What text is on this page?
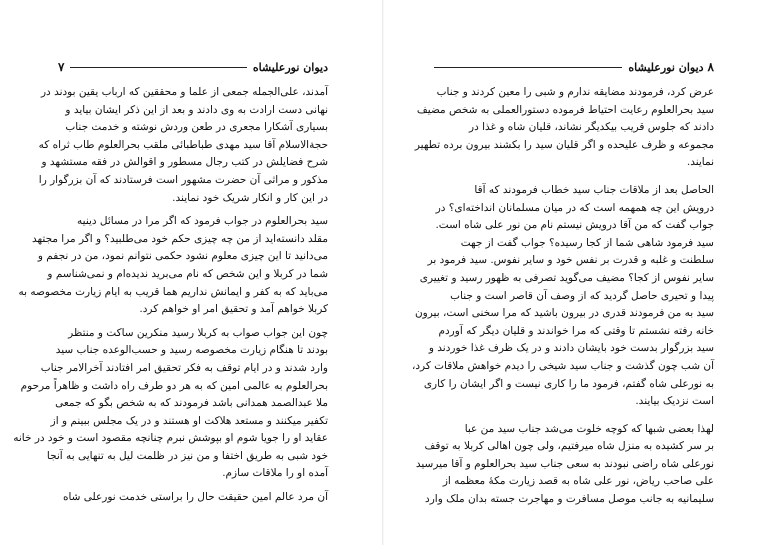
دیوان نورعلیشاه
۷
آمدند، علی‌الجمله جمعی از علما و محققین که ارباب یقین بودند در
نهانی دست ارادت به وی دادند و بعد از این ذکر ایشان بیاید و
بسیاری آشکارا مجعری در طعن وردش نوشته و خدمت جناب
حجةالاسلام آقا سید مهدی طباطبائی ملقب بحرالعلوم طاب ثراه که
شرح فضایلش در کتب رجال مسطور و اقوالش در فقه مستشهد و
مذکور و مراثی آن حضرت مشهور است فرستادند که آن بزرگوار را
در این کار و انکار شریک خود نمایند.
سید بحرالعلوم در جواب فرمود که اگر مرا در مسائل دینیه
مقلد دانسته‌اید از من چه چیزی حکم خود می‌طلبید؟ و اگر مرا مجتهد
می‌دانید تا این چیزی معلوم نشود حکمی نتوانم نمود، من در نجفم و
شما در کربلا و این شخص که نام می‌برید ندیده‌ام و نمی‌شناسم و
می‌باید که به کفر و ایمانش نداریم هما قریب به ایام زیارت مخصوصه به
کربلا خواهم آمد و تحقیق امر او خواهم کرد.
چون این جواب صواب به کربلا رسید منکرین ساکت و منتظر
بودند تا هنگام زیارت مخصوصه رسید و حسب‌الوعده جناب سید
وارد شدند و در ایام توقف به فکر تحقیق امر افتادند آخرالامر جناب
بحرالعلوم به عالمی امین که به هر دو طرف راه داشت و ظاهراً مرحوم
ملا عبدالصمد همدانی باشد فرمودند که به شخص بگو که جمعی
تکفیر میکنند و مستعد هلاکت او هستند و در یک مجلس ببینم و از
عقاید او را جویا شوم او بپوشش نبرم چنانچه مقصود است و خود در خانه
خود شبی به طریق اختفا و من نیز در ظلمت لیل به تنهایی به آنجا
آمده او را ملاقات سازم.
آن مرد عالم امین حقیقت حال را براستی خدمت نورعلی شاه
۸
دیوان نورعلیشاه
عرض کرد، فرمودند مضایقه ندارم و شبی را معین کردند و جناب
سید بحرالعلوم رعایت احتیاط فرموده دستورالعملی به شخص مضیف
دادند که جلوس قریب بیکدیگر نشاند، قلیان شاه و غذا در
مجموعه و ظرف علیحده و اگر قلیان سید را بکشند بیرون برده تطهیر
نمایند.
الحاصل بعد از ملاقات جناب سید خطاب فرمودند که آقا
درویش این چه همهمه است که در میان مسلمانان انداخته‌ای؟ در
جواب گفت که من آقا درویش نیستم نام من نور علی شاه است.
سید فرمود شاهی شما از کجا رسیده؟ جواب گفت از جهت
سلطنت و غلبه و قدرت بر نفس خود و سایر نفوس. سید فرمود بر
سایر نفوس از کجا؟ مضیف می‌گوید تصرفی به ظهور رسید و تغییری
پیدا و تحیری حاصل گردید که از وصف آن قاصر است و جناب
سید به من فرمودند قدری در بیرون باشید که مرا سخنی است، بیرون
خانه رفته نشستم تا وقتی که مرا خواندند و قلیان دیگر که آوردم
سید بزرگوار بدست خود بایشان دادند و در یک ظرف غذا خوردند و
آن شب چون گذشت و جناب سید شیخی را دیدم خواهش ملاقات کرد،
به نورعلی شاه گفتم، فرمود ما را کاری نیست و اگر ایشان را کاری
است نزدیک بیایند.
لهذا بعضی شبها که کوچه خلوت می‌شد جناب سید من عبا
بر سر کشیده به منزل شاه میرفتیم، ولی چون اهالی کربلا به توقف
نورعلی شاه راضی نبودند به سعی جناب سید بحرالعلوم و آقا میرسید
علی صاحب ریاض، نور علی شاه به قصد زیارت مکهٔ معظمه از
سلیمانیه به جانب موصل مسافرت و مهاجرت جسته بدان ملک وارد
